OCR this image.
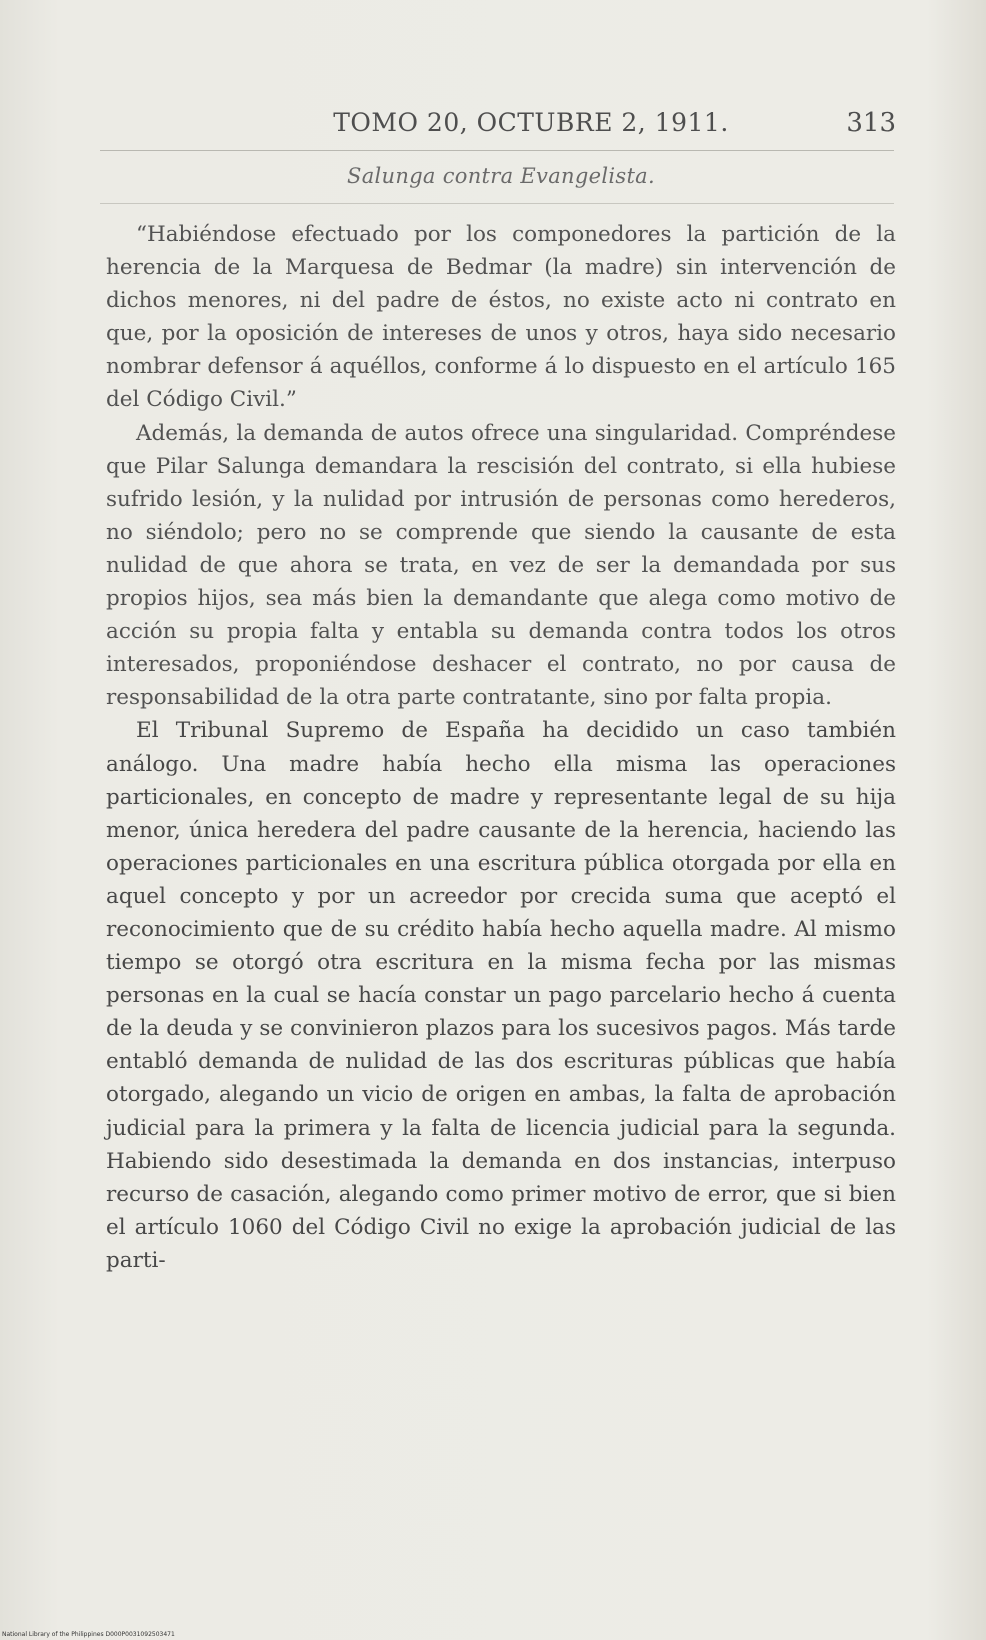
TOMO 20, OCTUBRE 2, 1911.	313
Salunga contra Evangelista.

“Habiéndose efectuado por los componedores la partición de la herencia de la Marquesa de Bedmar (la madre) sin intervención de dichos menores, ni del padre de éstos, no existe acto ni contrato en que, por la oposición de intereses de unos y otros, haya sido necesario nombrar defensor á aquéllos, conforme á lo dispuesto en el artículo 165 del Código Civil.”

Además, la demanda de autos ofrece una singularidad. Compréndese que Pilar Salunga demandara la rescisión del contrato, si ella hubiese sufrido lesión, y la nulidad por intrusión de personas como herederos, no siéndolo; pero no se comprende que siendo la causante de esta nulidad de que ahora se trata, en vez de ser la demandada por sus propios hijos, sea más bien la demandante que alega como motivo de acción su propia falta y entabla su demanda contra todos los otros interesados, proponiéndose deshacer el contrato, no por causa de responsabilidad de la otra parte contratante, sino por falta propia.

El Tribunal Supremo de España ha decidido un caso también análogo. Una madre había hecho ella misma las operaciones particionales, en concepto de madre y representante legal de su hija menor, única heredera del padre causante de la herencia, haciendo las operaciones particionales en una escritura pública otorgada por ella en aquel concepto y por un acreedor por crecida suma que aceptó el reconocimiento que de su crédito había hecho aquella madre. Al mismo tiempo se otorgó otra escritura en la misma fecha por las mismas personas en la cual se hacía constar un pago parcelario hecho á cuenta de la deuda y se convinieron plazos para los sucesivos pagos. Más tarde entabló demanda de nulidad de las dos escrituras públicas que había otorgado, alegando un vicio de origen en ambas, la falta de aprobación judicial para la primera y la falta de licencia judicial para la segunda. Habiendo sido desestimada la demanda en dos instancias, interpuso recurso de casación, alegando como primer motivo de error, que si bien el artículo 1060 del Código Civil no exige la aprobación judicial de las parti-

National Library of the Philippines D000P0031092503471
